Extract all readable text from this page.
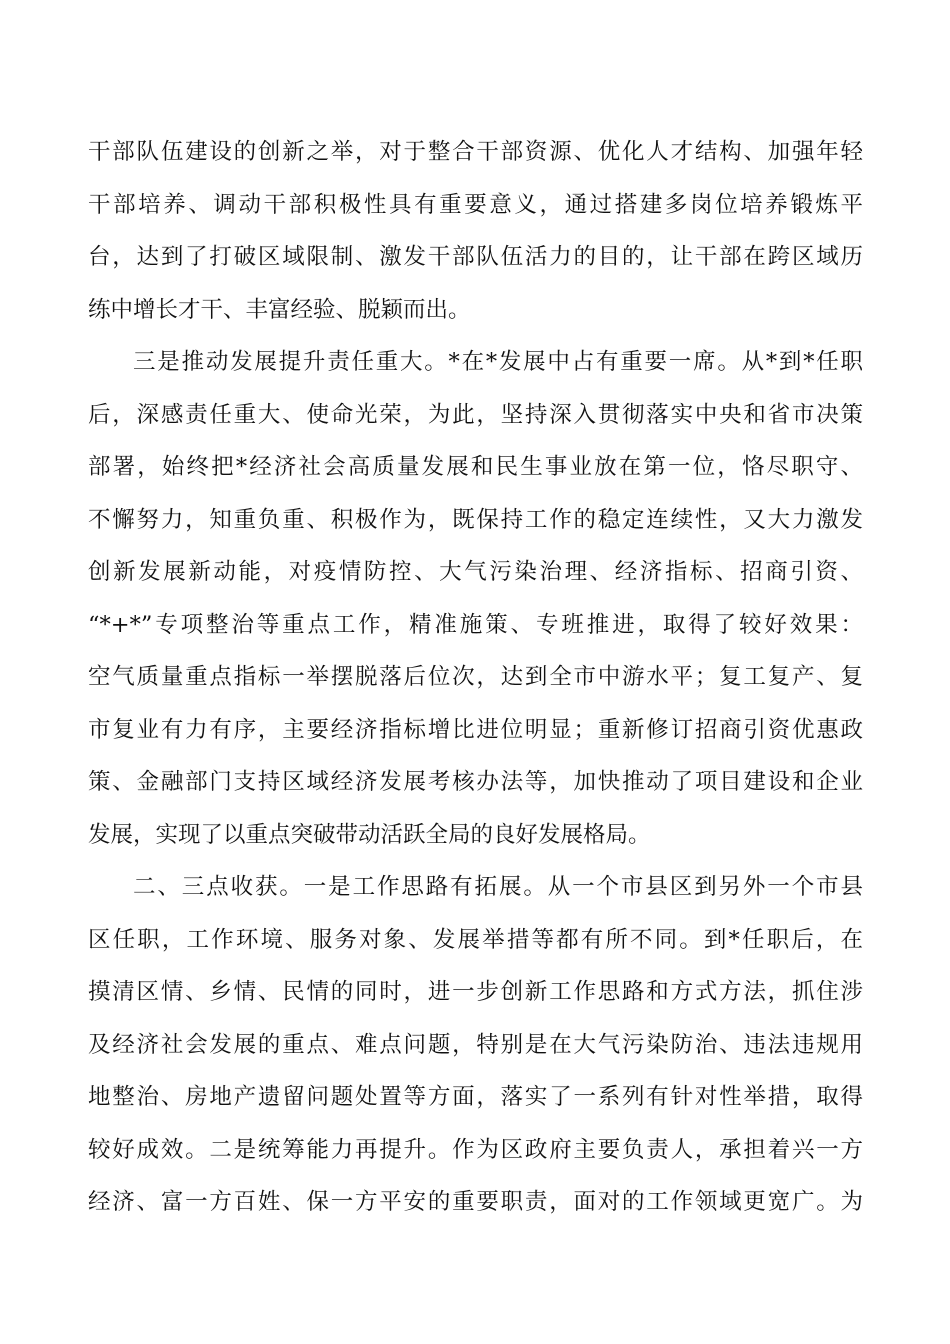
干部队伍建设的创新之举，对于整合干部资源、优化人才结构、加强年轻
干部培养、调动干部积极性具有重要意义，通过搭建多岗位培养锻炼平
台，达到了打破区域限制、激发干部队伍活力的目的，让干部在跨区域历
练中增长才干、丰富经验、脱颖而出。
三是推动发展提升责任重大。*在*发展中占有重要一席。从*到*任职
后，深感责任重大、使命光荣，为此，坚持深入贯彻落实中央和省市决策
部署，始终把*经济社会高质量发展和民生事业放在第一位，恪尽职守、
不懈努力，知重负重、积极作为，既保持工作的稳定连续性，又大力激发
创新发展新动能，对疫情防控、大气污染治理、经济指标、招商引资、
“*+*”专项整治等重点工作，精准施策、专班推进，取得了较好效果：
空气质量重点指标一举摆脱落后位次，达到全市中游水平；复工复产、复
市复业有力有序，主要经济指标增比进位明显；重新修订招商引资优惠政
策、金融部门支持区域经济发展考核办法等，加快推动了项目建设和企业
发展，实现了以重点突破带动活跃全局的良好发展格局。
二、三点收获。一是工作思路有拓展。从一个市县区到另外一个市县
区任职，工作环境、服务对象、发展举措等都有所不同。到*任职后，在
摸清区情、乡情、民情的同时，进一步创新工作思路和方式方法，抓住涉
及经济社会发展的重点、难点问题，特别是在大气污染防治、违法违规用
地整治、房地产遗留问题处置等方面，落实了一系列有针对性举措，取得
较好成效。二是统筹能力再提升。作为区政府主要负责人，承担着兴一方
经济、富一方百姓、保一方平安的重要职责，面对的工作领域更宽广。为
